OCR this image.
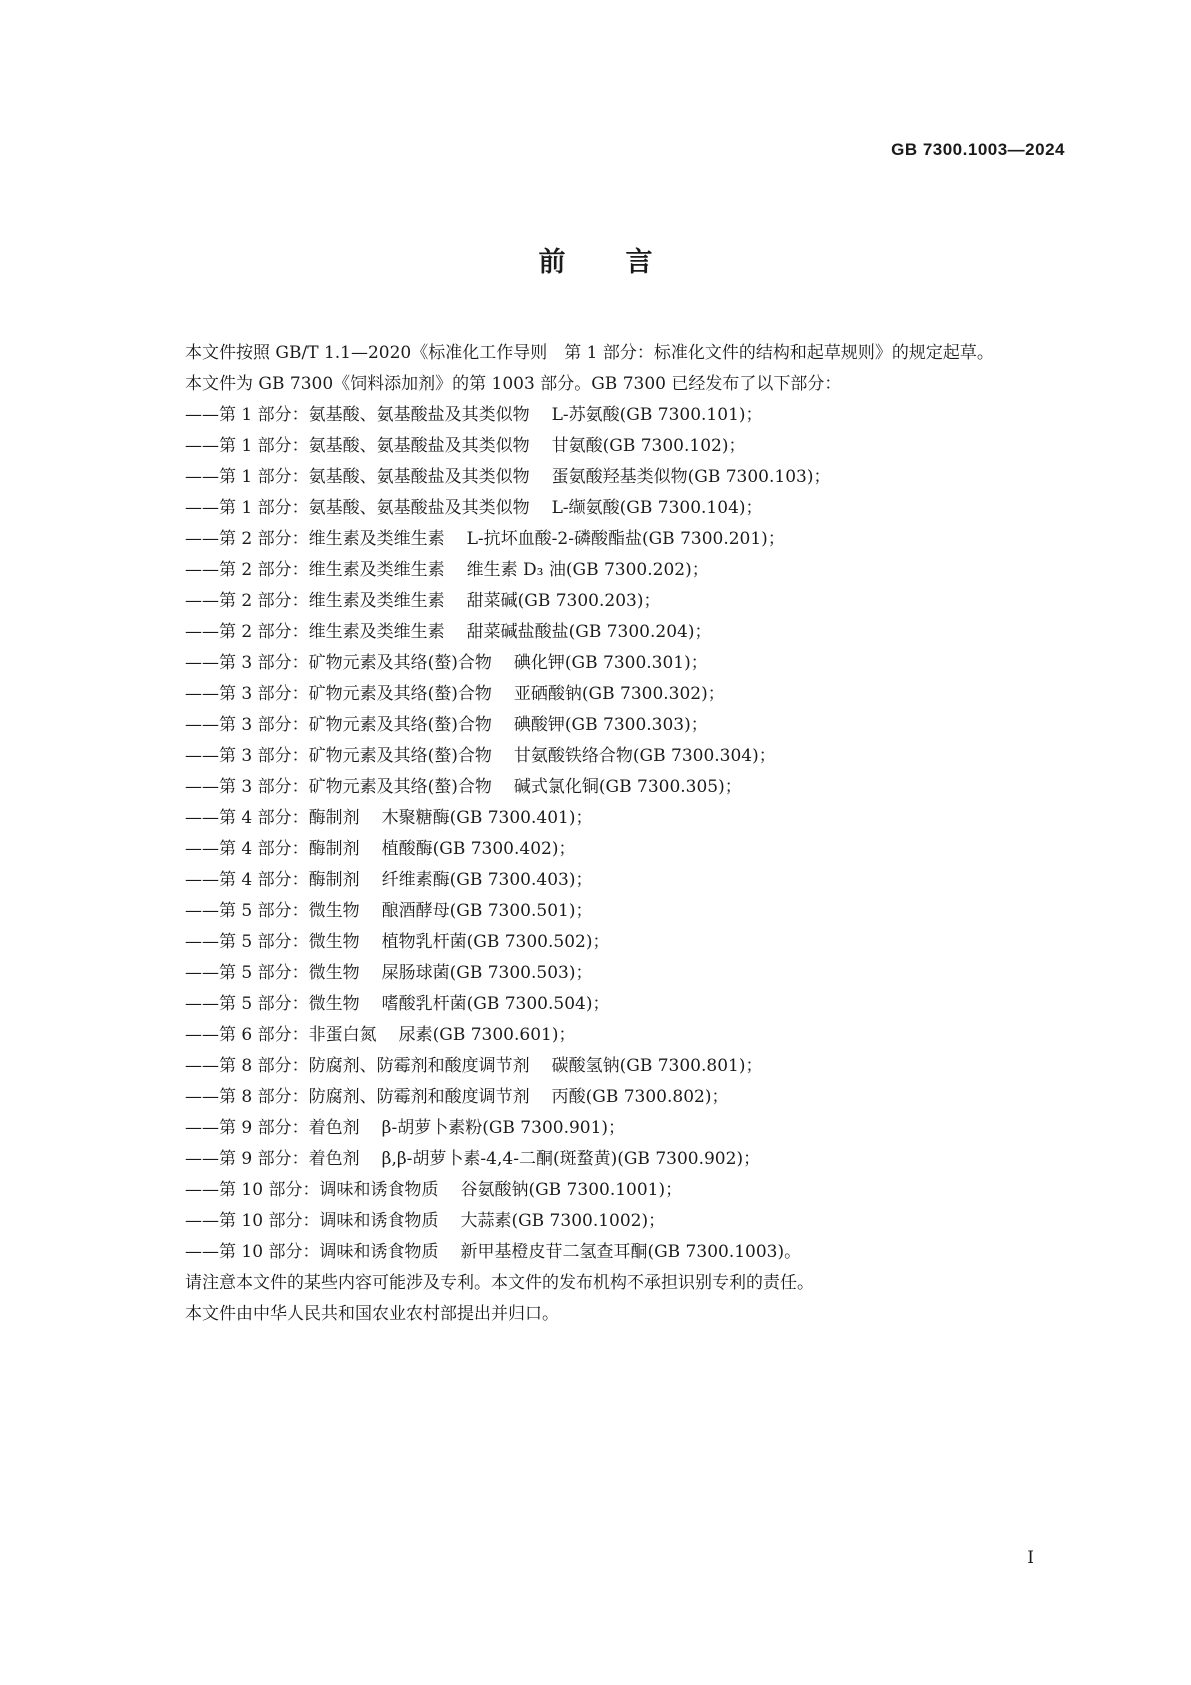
GB 7300.1003—2024
前言

本文件按照 GB/T 1.1—2020《标准化工作导则　第 1 部分：标准化文件的结构和起草规则》的规定起草。

本文件为 GB 7300《饲料添加剂》的第 1003 部分。GB 7300 已经发布了以下部分：

——第 1 部分：氨基酸、氨基酸盐及其类似物 L-苏氨酸(GB 7300.101)；
——第 1 部分：氨基酸、氨基酸盐及其类似物 甘氨酸(GB 7300.102)；
——第 1 部分：氨基酸、氨基酸盐及其类似物 蛋氨酸羟基类似物(GB 7300.103)；
——第 1 部分：氨基酸、氨基酸盐及其类似物 L-缬氨酸(GB 7300.104)；
——第 2 部分：维生素及类维生素 L-抗坏血酸-2-磷酸酯盐(GB 7300.201)；
——第 2 部分：维生素及类维生素 维生素 D₃ 油(GB 7300.202)；
——第 2 部分：维生素及类维生素 甜菜碱(GB 7300.203)；
——第 2 部分：维生素及类维生素 甜菜碱盐酸盐(GB 7300.204)；
——第 3 部分：矿物元素及其络(螯)合物 碘化钾(GB 7300.301)；
——第 3 部分：矿物元素及其络(螯)合物 亚硒酸钠(GB 7300.302)；
——第 3 部分：矿物元素及其络(螯)合物 碘酸钾(GB 7300.303)；
——第 3 部分：矿物元素及其络(螯)合物 甘氨酸铁络合物(GB 7300.304)；
——第 3 部分：矿物元素及其络(螯)合物 碱式氯化铜(GB 7300.305)；
——第 4 部分：酶制剂 木聚糖酶(GB 7300.401)；
——第 4 部分：酶制剂 植酸酶(GB 7300.402)；
——第 4 部分：酶制剂 纤维素酶(GB 7300.403)；
——第 5 部分：微生物 酿酒酵母(GB 7300.501)；
——第 5 部分：微生物 植物乳杆菌(GB 7300.502)；
——第 5 部分：微生物 屎肠球菌(GB 7300.503)；
——第 5 部分：微生物 嗜酸乳杆菌(GB 7300.504)；
——第 6 部分：非蛋白氮 尿素(GB 7300.601)；
——第 8 部分：防腐剂、防霉剂和酸度调节剂 碳酸氢钠(GB 7300.801)；
——第 8 部分：防腐剂、防霉剂和酸度调节剂 丙酸(GB 7300.802)；
——第 9 部分：着色剂 β-胡萝卜素粉(GB 7300.901)；
——第 9 部分：着色剂 β,β-胡萝卜素-4,4-二酮(斑蝥黄)(GB 7300.902)；
——第 10 部分：调味和诱食物质 谷氨酸钠(GB 7300.1001)；
——第 10 部分：调味和诱食物质 大蒜素(GB 7300.1002)；
——第 10 部分：调味和诱食物质 新甲基橙皮苷二氢查耳酮(GB 7300.1003)。

请注意本文件的某些内容可能涉及专利。本文件的发布机构不承担识别专利的责任。

本文件由中华人民共和国农业农村部提出并归口。

I
